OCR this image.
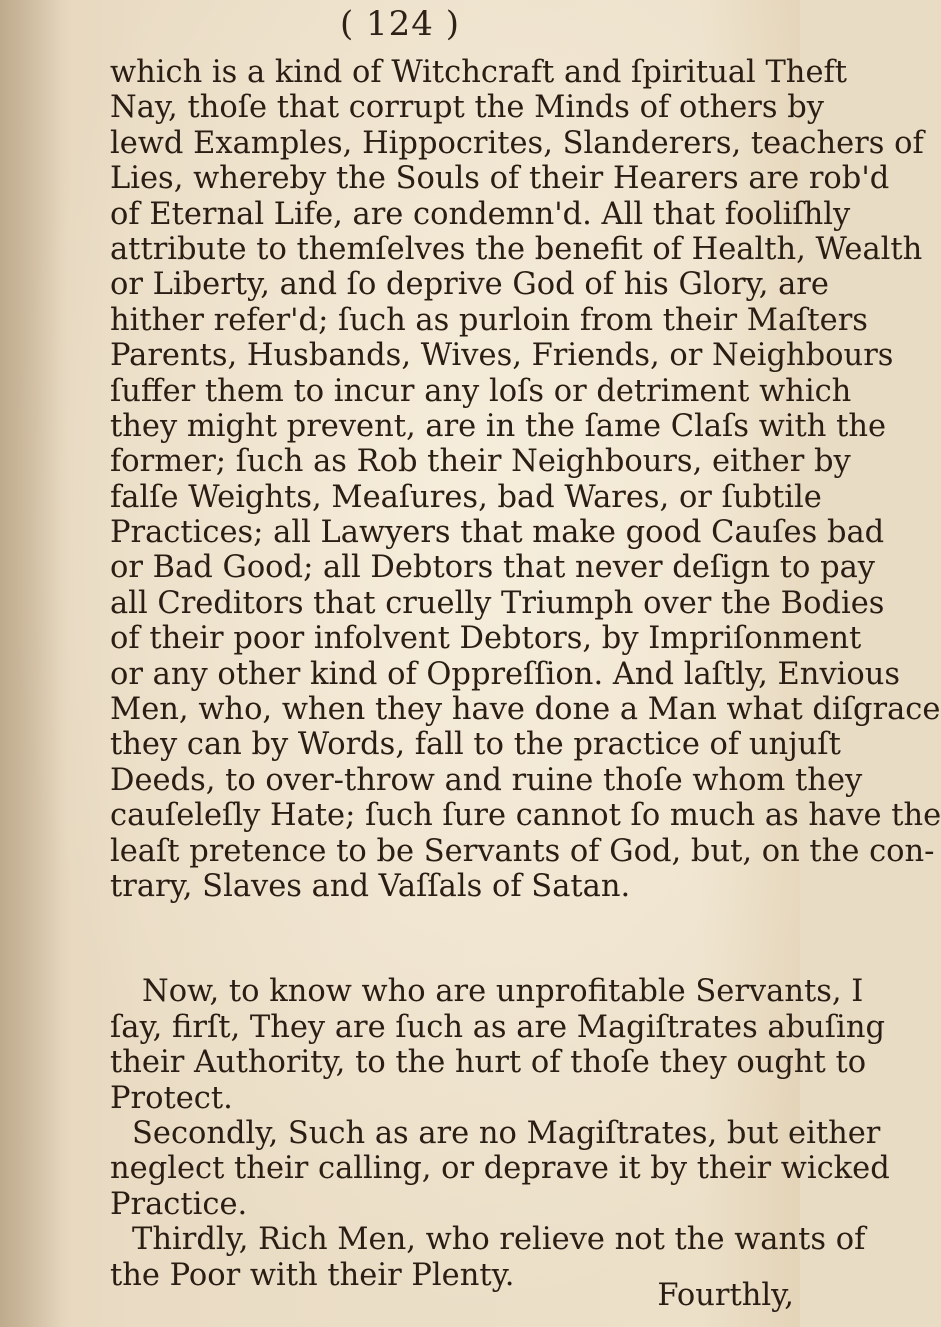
( 124 )
which is a kind of Witchcraft and ſpiritual Theft
Nay, thoſe that corrupt the Minds of others by
lewd Examples, Hippocrites, Slanderers, teachers of
Lies, whereby the Souls of their Hearers are rob'd
of Eternal Life, are condemn'd. All that fooliſhly
attribute to themſelves the benefit of Health, Wealth
or Liberty, and ſo deprive God of his Glory, are
hither refer'd; ſuch as purloin from their Maſters
Parents, Husbands, Wives, Friends, or Neighbours
ſuffer them to incur any loſs or detriment which
they might prevent, are in the ſame Claſs with the
former; ſuch as Rob their Neighbours, either by
falſe Weights, Meaſures, bad Wares, or ſubtile
Practices; all Lawyers that make good Cauſes bad
or Bad Good; all Debtors that never deſign to pay
all Creditors that cruelly Triumph over the Bodies
of their poor infolvent Debtors, by Impriſonment
or any other kind of Oppreſſion. And laſtly, Envious
Men, who, when they have done a Man what diſgrace
they can by Words, fall to the practice of unjuſt
Deeds, to over-throw and ruine thoſe whom they
cauſeleſly Hate; ſuch ſure cannot ſo much as have the
leaſt pretence to be Servants of God, but, on the con-
trary, Slaves and Vaſſals of Satan.
Now, to know who are unprofitable Servants, I
ſay, firſt, They are ſuch as are Magiſtrates abuſing
their Authority, to the hurt of thoſe they ought to
Protect.
Secondly, Such as are no Magiſtrates, but either
neglect their calling, or deprave it by their wicked
Practice.
Thirdly, Rich Men, who relieve not the wants of
the Poor with their Plenty.
Fourthly,
